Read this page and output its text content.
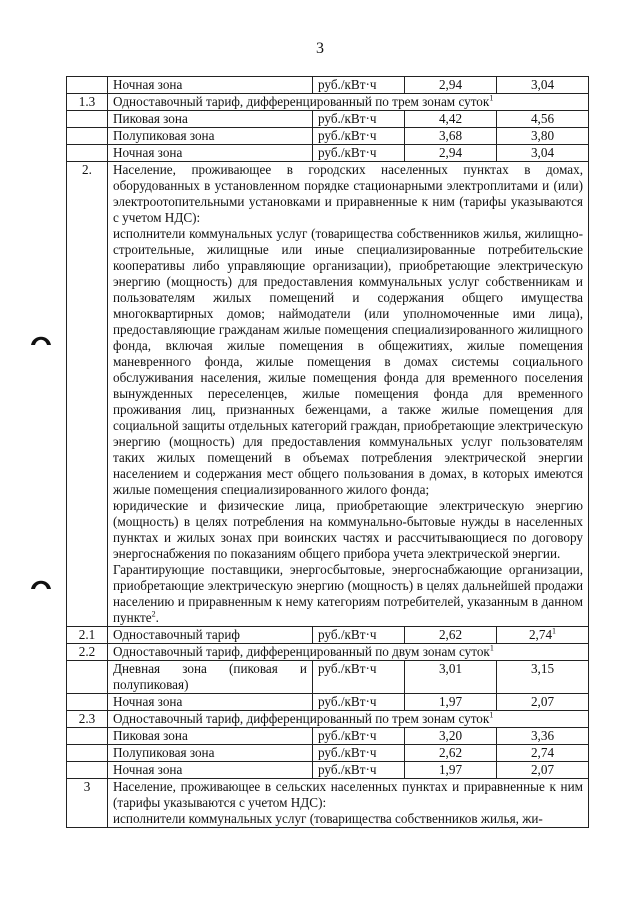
3
	Ночная зона	руб./кВт·ч	2,94	3,04
1.3	Одноставочный тариф, дифференцированный по трем зонам суток$^1$
	Пиковая зона	руб./кВт·ч	4,42	4,56
	Полупиковая зона	руб./кВт·ч	3,68	3,80
	Ночная зона	руб./кВт·ч	2,94	3,04
2.	Население, проживающее в городских населенных пунктах в домах, оборудованных в установленном порядке стационарными электроплитами и (или) электроотопительными установками и приравненные к ним (тарифы указываются с учетом НДС):

исполнители коммунальных услуг (товарищества собственников жилья, жилищно-строительные, жилищные или иные специализированные потребительские кооперативы либо управляющие организации), приобретающие электрическую энергию (мощность) для предоставления коммунальных услуг собственникам и пользователям жилых помещений и содержания общего имущества многоквартирных домов; наймодатели (или уполномоченные ими лица), предоставляющие гражданам жилые помещения специализированного жилищного фонда, включая жилые помещения в общежитиях, жилые помещения маневренного фонда, жилые помещения в домах системы социального обслуживания населения, жилые помещения фонда для временного поселения вынужденных переселенцев, жилые помещения фонда для временного проживания лиц, признанных беженцами, а также жилые помещения для социальной защиты отдельных категорий граждан, приобретающие электрическую энергию (мощность) для предоставления коммунальных услуг пользователям таких жилых помещений в объемах потребления электрической энергии населением и содержания мест общего пользования в домах, в которых имеются жилые помещения специализированного жилого фонда;

юридические и физические лица, приобретающие электрическую энергию (мощность) в целях потребления на коммунально-бытовые нужды в населенных пунктах и жилых зонах при воинских частях и рассчитывающиеся по договору энергоснабжения по показаниям общего прибора учета электрической энергии.

Гарантирующие поставщики, энергосбытовые, энергоснабжающие организации, приобретающие электрическую энергию (мощность) в целях дальнейшей продажи населению и приравненным к нему категориям потребителей, указанным в данном пункте$^2$.			

2.1	Одноставочный тариф	руб./кВт·ч	2,62	2,74$^1$
2.2	Одноставочный тариф, дифференцированный по двум зонам суток$^1$
	Дневная зона (пиковая и полупиковая)	руб./кВт·ч	3,01	3,15
	Ночная зона	руб./кВт·ч	1,97	2,07
2.3	Одноставочный тариф, дифференцированный по трем зонам суток$^1$
	Пиковая зона	руб./кВт·ч	3,20	3,36
	Полупиковая зона	руб./кВт·ч	2,62	2,74
	Ночная зона	руб./кВт·ч	1,97	2,07
3	Население, проживающее в сельских населенных пунктах и приравненные к ним (тарифы указываются с учетом НДС):

исполнители коммунальных услуг (товарищества собственников жилья, жи-			
